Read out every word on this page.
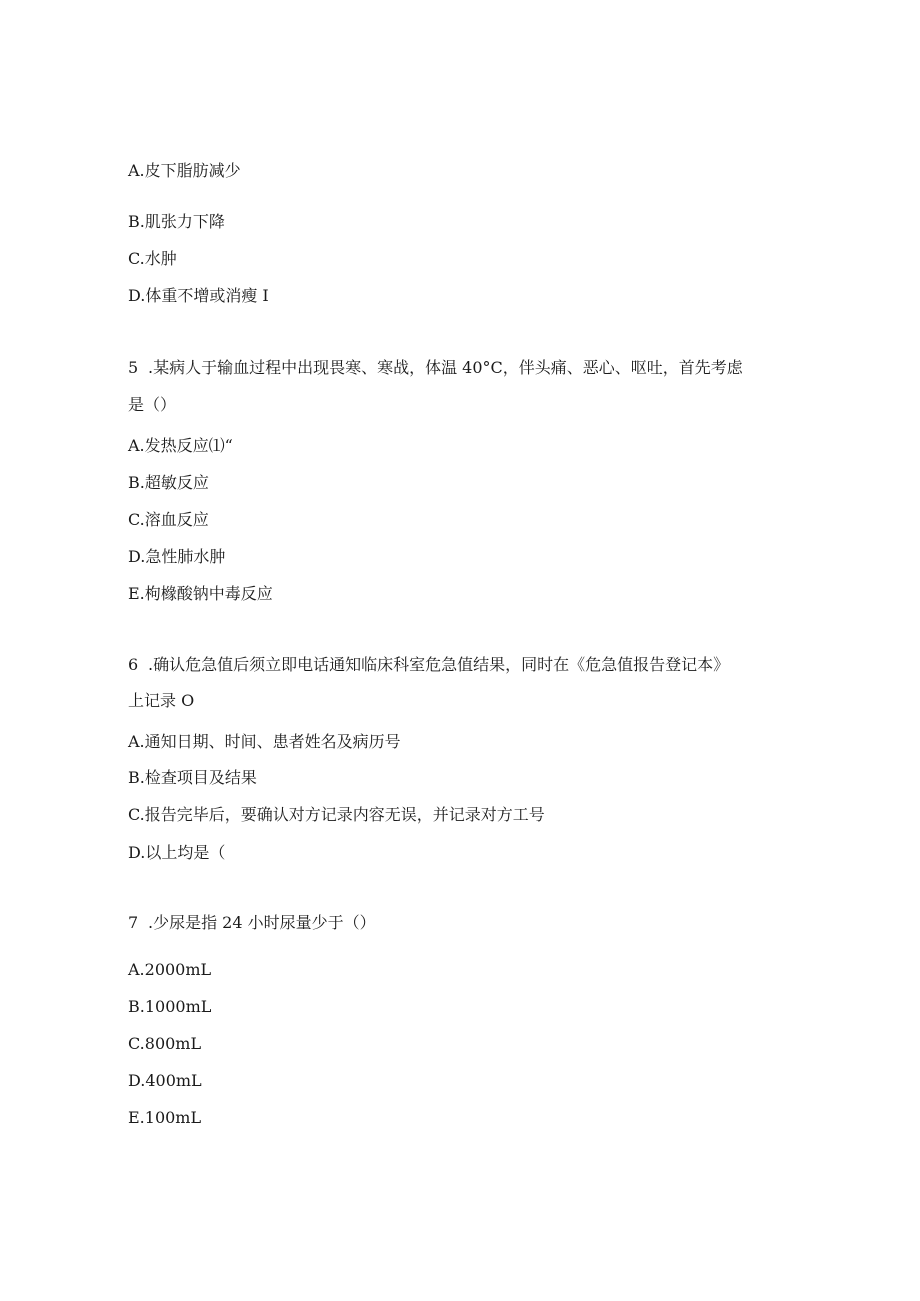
A.皮下脂肪减少
B.肌张力下降
C.水肿
D.体重不增或消瘦 I
5 .某病人于输血过程中出现畏寒、寒战，体温 40°C，伴头痛、恶心、呕吐，首先考虑
是（）
A.发热反应⑴“
B.超敏反应
C.溶血反应
D.急性肺水肿
E.枸橼酸钠中毒反应
6 .确认危急值后须立即电话通知临床科室危急值结果，同时在《危急值报告登记本》
上记录 O
A.通知日期、时间、患者姓名及病历号
B.检查项目及结果
C.报告完毕后，要确认对方记录内容无误，并记录对方工号
D.以上均是（
7 .少尿是指 24 小时尿量少于（）
A.2000mL
B.1000mL
C.800mL
D.400mL
E.100mL
